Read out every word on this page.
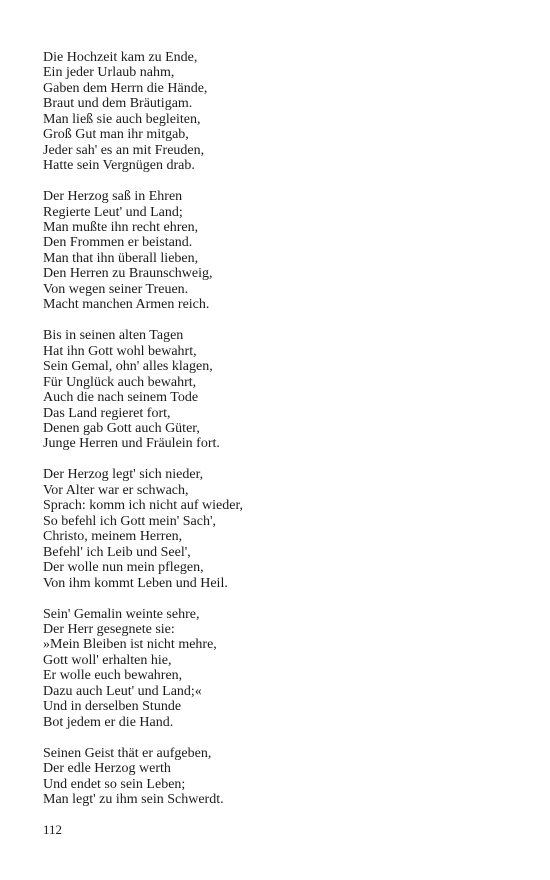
Die Hochzeit kam zu Ende,
Ein jeder Urlaub nahm,
Gaben dem Herrn die Hände,
Braut und dem Bräutigam.
Man ließ sie auch begleiten,
Groß Gut man ihr mitgab,
Jeder sah' es an mit Freuden,
Hatte sein Vergnügen drab.
Der Herzog saß in Ehren
Regierte Leut' und Land;
Man mußte ihn recht ehren,
Den Frommen er beistand.
Man that ihn überall lieben,
Den Herren zu Braunschweig,
Von wegen seiner Treuen.
Macht manchen Armen reich.
Bis in seinen alten Tagen
Hat ihn Gott wohl bewahrt,
Sein Gemal, ohn' alles klagen,
Für Unglück auch bewahrt,
Auch die nach seinem Tode
Das Land regieret fort,
Denen gab Gott auch Güter,
Junge Herren und Fräulein fort.
Der Herzog legt' sich nieder,
Vor Alter war er schwach,
Sprach: komm ich nicht auf wieder,
So befehl ich Gott mein' Sach',
Christo, meinem Herren,
Befehl' ich Leib und Seel',
Der wolle nun mein pflegen,
Von ihm kommt Leben und Heil.
Sein' Gemalin weinte sehre,
Der Herr gesegnete sie:
»Mein Bleiben ist nicht mehre,
Gott woll' erhalten hie,
Er wolle euch bewahren,
Dazu auch Leut' und Land;«
Und in derselben Stunde
Bot jedem er die Hand.
Seinen Geist thät er aufgeben,
Der edle Herzog werth
Und endet so sein Leben;
Man legt' zu ihm sein Schwerdt.
112
